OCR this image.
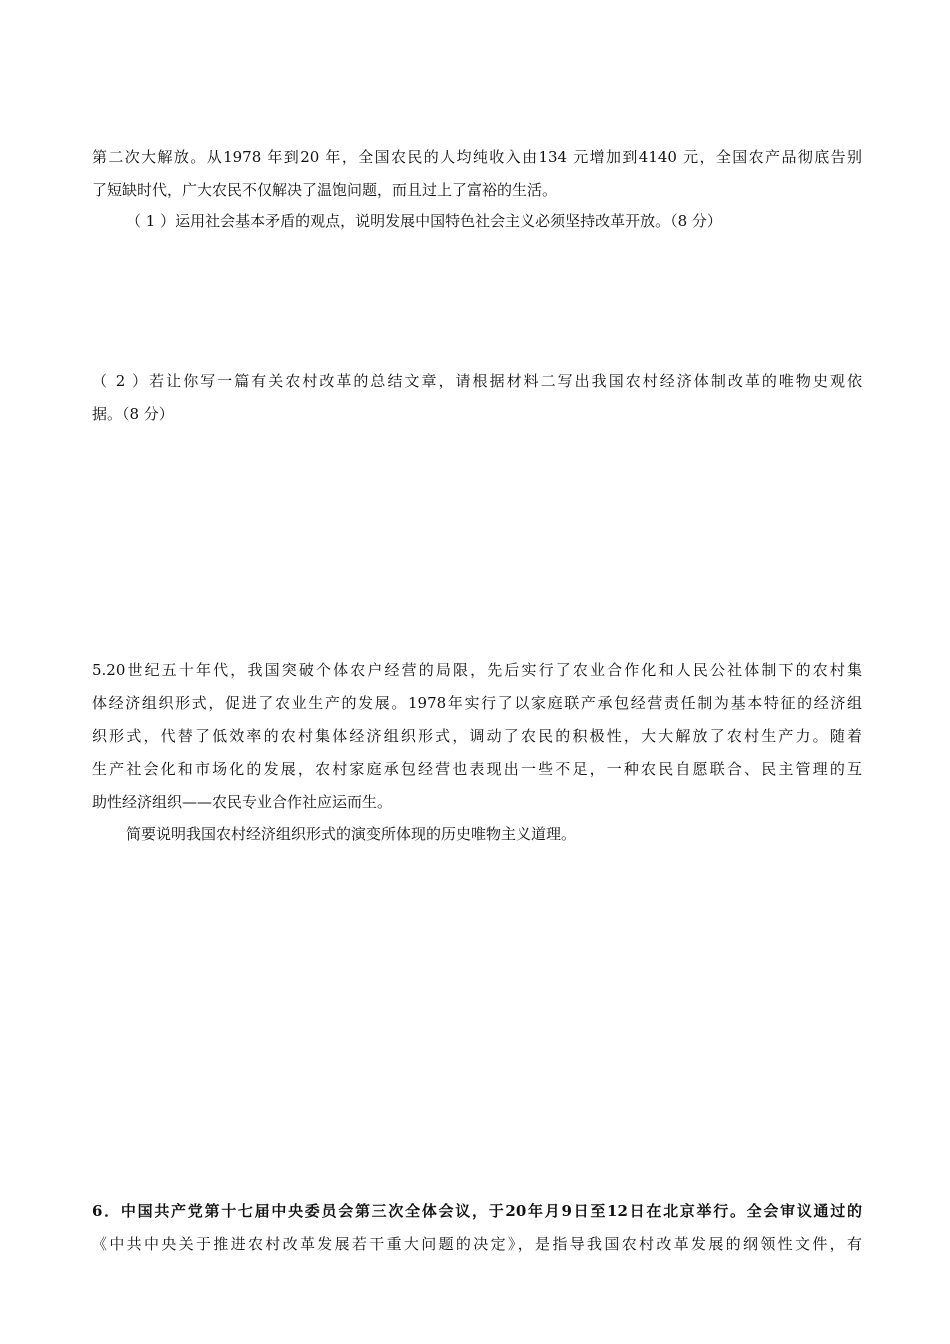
第二次大解放。从1978 年到20 年，全国农民的人均纯收入由134 元增加到4140 元，全国农产品彻底告别
了短缺时代，广大农民不仅解决了温饱问题，而且过上了富裕的生活。
（ 1 ）运用社会基本矛盾的观点，说明发展中国特色社会主义必须坚持改革开放。（8 分）
（ 2 ）若让你写一篇有关农村改革的总结文章，请根据材料二写出我国农村经济体制改革的唯物史观依
据。（8 分）
5.20世纪五十年代，我国突破个体农户经营的局限，先后实行了农业合作化和人民公社体制下的农村集
体经济组织形式，促进了农业生产的发展。1978年实行了以家庭联产承包经营责任制为基本特征的经济组
织形式，代替了低效率的农村集体经济组织形式，调动了农民的积极性，大大解放了农村生产力。随着
生产社会化和市场化的发展，农村家庭承包经营也表现出一些不足，一种农民自愿联合、民主管理的互
助性经济组织——农民专业合作社应运而生。
简要说明我国农村经济组织形式的演变所体现的历史唯物主义道理。
6．中国共产党第十七届中央委员会第三次全体会议，于20年月9日至12日在北京举行。全会审议通过的
《中共中央关于推进农村改革发展若干重大问题的决定》，是指导我国农村改革发展的纲领性文件，有
